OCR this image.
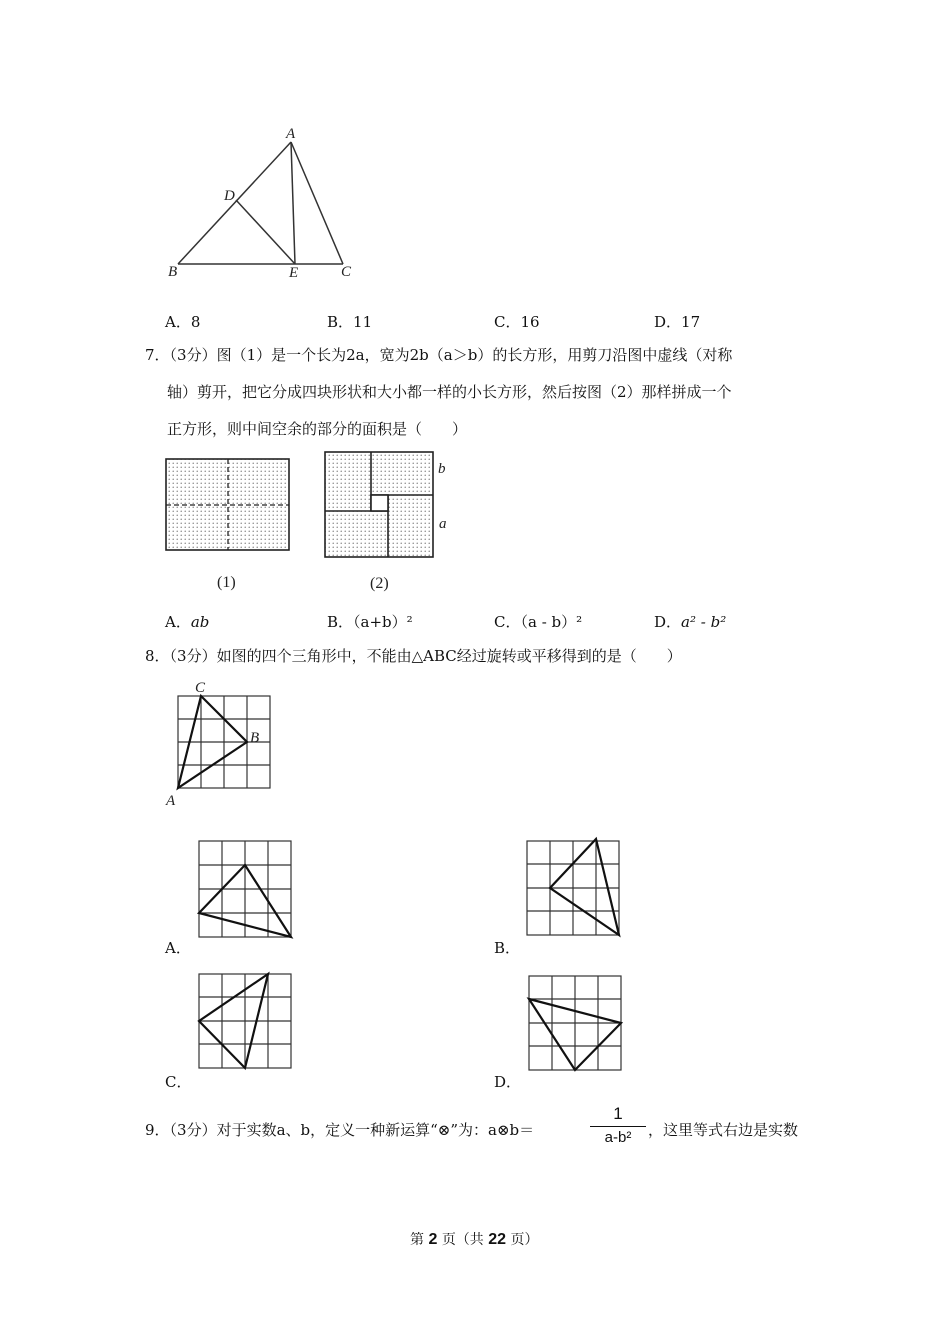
A
D
B	E	C
A．8	B．11	C．16	D．17
7．（3分）图（1）是一个长为2a，宽为2b（a＞b）的长方形，用剪刀沿图中虚线（对称
轴）剪开，把它分成四块形状和大小都一样的小长方形，然后按图（2）那样拼成一个
正方形，则中间空余的部分的面积是（　　）
(1)
b
a
(2)
A．ab	B．（a+b）²	C．（a - b）²	D．a² - b²
8．（3分）如图的四个三角形中，不能由△ABC经过旋转或平移得到的是（　　）
C
B
A
A．	B．
C．	D．
9．（3分）对于实数a、b，定义一种新运算“⊗”为：a⊗b＝
1
a-b²	，这里等式右边是实数
第 2 页（共 22 页）
